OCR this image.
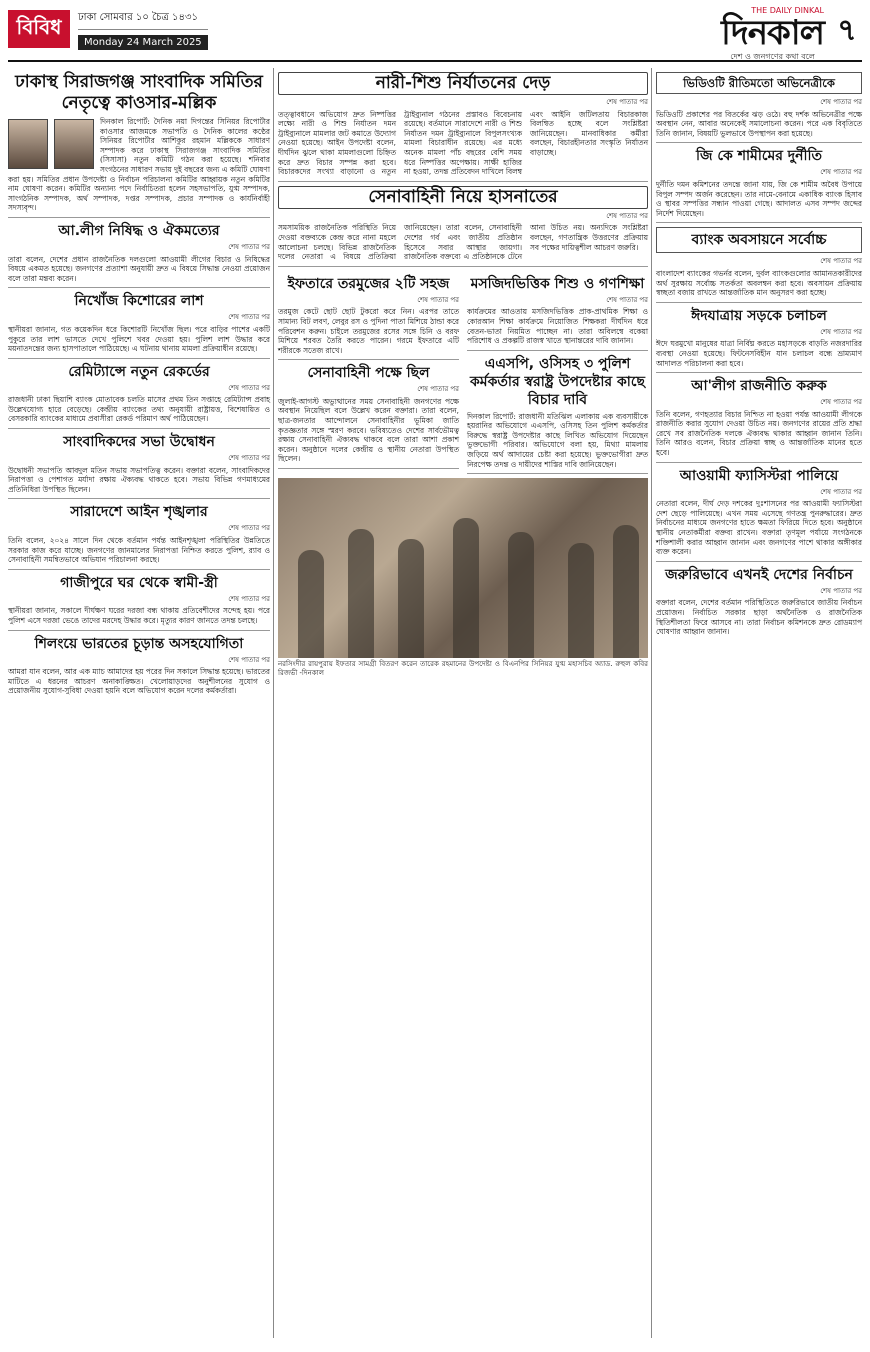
বিবিধ	ঢাকা সোমবার ১০ চৈত্র ১৪৩১
Monday 24 March 2025
THE DAILY DINKAL
দিনকাল
দেশ ও জনগণের কথা বলে
৭
ঢাকাস্থ সিরাজগঞ্জ সাংবাদিক সমিতির নেতৃত্বে কাওসার-মল্লিক
দিনকাল রিপোর্ট: দৈনিক নয়া দিগন্তের সিনিয়র রিপোর্টার কাওসার আজমকে সভাপতি ও দৈনিক কালের কণ্ঠের সিনিয়র রিপোর্টার আশিকুর রহমান মল্লিককে সাধারণ সম্পাদক করে ঢাকাস্থ সিরাজগঞ্জ সাংবাদিক সমিতির (সিসাসা) নতুন কমিটি গঠন করা হয়েছে। শনিবার সংগঠনের সাধারণ সভায় দুই বছরের জন্য এ কমিটি ঘোষণা করা হয়। সমিতির প্রধান উপদেষ্টা ও নির্বাচন পরিচালনা কমিটির আহ্বায়ক নতুন কমিটির নাম ঘোষণা করেন। কমিটির অন্যান্য পদে নির্বাচিতরা হলেন সহসভাপতি, যুগ্ম সম্পাদক, সাংগঠনিক সম্পাদক, অর্থ সম্পাদক, দপ্তর সম্পাদক, প্রচার সম্পাদক ও কার্যনির্বাহী সদস্যবৃন্দ।
আ.লীগ নিষিদ্ধ ও ঐকমত্যের
শেষ পাতার পর
তারা বলেন, দেশের প্রধান রাজনৈতিক দলগুলো আওয়ামী লীগের বিচার ও নিষিদ্ধের বিষয়ে একমত হয়েছে। জনগণের প্রত্যাশা অনুযায়ী দ্রুত এ বিষয়ে সিদ্ধান্ত নেওয়া প্রয়োজন বলে তারা মন্তব্য করেন।
নিখোঁজ কিশোরের লাশ
শেষ পাতার পর
স্থানীয়রা জানান, গত কয়েকদিন ধরে কিশোরটি নিখোঁজ ছিল। পরে বাড়ির পাশের একটি পুকুরে তার লাশ ভাসতে দেখে পুলিশে খবর দেওয়া হয়। পুলিশ লাশ উদ্ধার করে ময়নাতদন্তের জন্য হাসপাতালে পাঠিয়েছে। এ ঘটনায় থানায় মামলা প্রক্রিয়াধীন রয়েছে।
রেমিট্যান্সে নতুন রেকর্ডের
শেষ পাতার পর
রাজধানী ঢাকা ছিয়াশি ব্যাংক মোতাবেক চলতি মাসের প্রথম তিন সপ্তাহে রেমিট্যান্স প্রবাহ উল্লেখযোগ্য হারে বেড়েছে। কেন্দ্রীয় ব্যাংকের তথ্য অনুযায়ী রাষ্ট্রায়ত্ত, বিশেষায়িত ও বেসরকারি ব্যাংকের মাধ্যমে প্রবাসীরা রেকর্ড পরিমাণ অর্থ পাঠিয়েছেন।
সাংবাদিকদের সভা উদ্বোধন
শেষ পাতার পর
উদ্বোধনী সভাপতি আবদুল মতিন সভায় সভাপতিত্ব করেন। বক্তারা বলেন, সাংবাদিকদের নিরাপত্তা ও পেশাগত মর্যাদা রক্ষায় ঐক্যবদ্ধ থাকতে হবে। সভায় বিভিন্ন গণমাধ্যমের প্রতিনিধিরা উপস্থিত ছিলেন।
সারাদেশে আইন শৃঙ্খলার
শেষ পাতার পর
তিনি বলেন, ২০২৪ সালে দিন থেকে বর্তমান পর্যন্ত আইনশৃঙ্খলা পরিস্থিতির উন্নতিতে সরকার কাজ করে যাচ্ছে। জনগণের জানমালের নিরাপত্তা নিশ্চিত করতে পুলিশ, র‍্যাব ও সেনাবাহিনী সমন্বিতভাবে অভিযান পরিচালনা করছে।
গাজীপুরে ঘর থেকে স্বামী-স্ত্রী
শেষ পাতার পর
স্থানীয়রা জানান, সকালে দীর্ঘক্ষণ ঘরের দরজা বন্ধ থাকায় প্রতিবেশীদের সন্দেহ হয়। পরে পুলিশ এসে দরজা ভেঙে তাদের মরদেহ উদ্ধার করে। মৃত্যুর কারণ জানতে তদন্ত চলছে।
শিলংয়ে ভারতের চূড়ান্ত অসহযোগিতা
শেষ পাতার পর
আমরা যান বলেন, আর এক ম্যাচ আমাদের হয় পরের দিন সকালে সিদ্ধান্ত হয়েছে। ভারতের মাটিতে এ ধরনের আচরণ অনাকাঙ্ক্ষিত। খেলোয়াড়দের অনুশীলনের সুযোগ ও প্রয়োজনীয় সুযোগ-সুবিধা দেওয়া হয়নি বলে অভিযোগ করেন দলের কর্মকর্তারা।
নারী-শিশু নির্যাতনের দেড়
শেষ পাতার পর
তত্ত্বাবধানে অভিযোগ দ্রুত নিষ্পত্তির লক্ষ্যে নারী ও শিশু নির্যাতন দমন ট্রাইব্যুনালে মামলার জট কমাতে উদ্যোগ নেওয়া হয়েছে। আইন উপদেষ্টা বলেন, দীর্ঘদিন ঝুলে থাকা মামলাগুলো চিহ্নিত করে দ্রুত বিচার সম্পন্ন করা হবে। বিচারকদের সংখ্যা বাড়ানো ও নতুন ট্রাইব্যুনাল গঠনের প্রস্তাবও বিবেচনায় রয়েছে। বর্তমানে সারাদেশে নারী ও শিশু নির্যাতন দমন ট্রাইব্যুনালে বিপুলসংখ্যক মামলা বিচারাধীন রয়েছে। এর মধ্যে অনেক মামলা পাঁচ বছরের বেশি সময় ধরে নিষ্পত্তির অপেক্ষায়। সাক্ষী হাজির না হওয়া, তদন্ত প্রতিবেদন দাখিলে বিলম্ব এবং আইনি জটিলতায় বিচারকাজ বিলম্বিত হচ্ছে বলে সংশ্লিষ্টরা জানিয়েছেন। মানবাধিকার কর্মীরা বলছেন, বিচারহীনতার সংস্কৃতি নির্যাতন বাড়াচ্ছে।
সেনাবাহিনী নিয়ে হাসনাতের
শেষ পাতার পর
সমসাময়িক রাজনৈতিক পরিস্থিতি নিয়ে দেওয়া বক্তব্যকে কেন্দ্র করে নানা মহলে আলোচনা চলছে। বিভিন্ন রাজনৈতিক দলের নেতারা এ বিষয়ে প্রতিক্রিয়া জানিয়েছেন। তারা বলেন, সেনাবাহিনী দেশের গর্ব এবং জাতীয় প্রতিষ্ঠান হিসেবে সবার আস্থার জায়গা। রাজনৈতিক বক্তব্যে এ প্রতিষ্ঠানকে টেনে আনা উচিত নয়। অন্যদিকে সংশ্লিষ্টরা বলছেন, গণতান্ত্রিক উত্তরণের প্রক্রিয়ায় সব পক্ষের দায়িত্বশীল আচরণ জরুরি।
ইফতারে তরমুজের ২টি সহজ
শেষ পাতার পর
তরমুজ কেটে ছোট ছোট টুকরো করে নিন। এরপর তাতে সামান্য বিট লবণ, লেবুর রস ও পুদিনা পাতা মিশিয়ে ঠান্ডা করে পরিবেশন করুন। চাইলে তরমুজের রসের সঙ্গে চিনি ও বরফ মিশিয়ে শরবত তৈরি করতে পারেন। গরমে ইফতারে এটি শরীরকে সতেজ রাখে।
সেনাবাহিনী পক্ষে ছিল
শেষ পাতার পর
জুলাই-আগস্ট অভ্যুত্থানের সময় সেনাবাহিনী জনগণের পক্ষে অবস্থান নিয়েছিল বলে উল্লেখ করেন বক্তারা। তারা বলেন, ছাত্র-জনতার আন্দোলনে সেনাবাহিনীর ভূমিকা জাতি কৃতজ্ঞতার সঙ্গে স্মরণ করবে। ভবিষ্যতেও দেশের সার্বভৌমত্ব রক্ষায় সেনাবাহিনী ঐক্যবদ্ধ থাকবে বলে তারা আশা প্রকাশ করেন। অনুষ্ঠানে দলের কেন্দ্রীয় ও স্থানীয় নেতারা উপস্থিত ছিলেন।
মসজিদভিত্তিক শিশু ও গণশিক্ষা
শেষ পাতার পর
কার্যক্রমের আওতায় মসজিদভিত্তিক প্রাক-প্রাথমিক শিক্ষা ও কোরআন শিক্ষা কার্যক্রমে নিয়োজিত শিক্ষকরা দীর্ঘদিন ধরে বেতন-ভাতা নিয়মিত পাচ্ছেন না। তারা অবিলম্বে বকেয়া পরিশোধ ও প্রকল্পটি রাজস্ব খাতে স্থানান্তরের দাবি জানান।
এএসপি, ওসিসহ ৩ পুলিশ কর্মকর্তার স্বরাষ্ট্র উপদেষ্টার কাছে বিচার দাবি
দিনকাল রিপোর্ট: রাজধানী মতিঝিল এলাকায় এক ব্যবসায়ীকে হয়রানির অভিযোগে এএসপি, ওসিসহ তিন পুলিশ কর্মকর্তার বিরুদ্ধে স্বরাষ্ট্র উপদেষ্টার কাছে লিখিত অভিযোগ দিয়েছেন ভুক্তভোগী পরিবার। অভিযোগে বলা হয়, মিথ্যা মামলায় জড়িয়ে অর্থ আদায়ের চেষ্টা করা হয়েছে। ভুক্তভোগীরা দ্রুত নিরপেক্ষ তদন্ত ও দায়ীদের শাস্তির দাবি জানিয়েছেন।
নরসিংদীর রায়পুরায় ইফতার সামগ্রী বিতরণ করেন তারেক রহমানের উপদেষ্টা ও বিএনপির সিনিয়র যুগ্ম মহাসচিব অ্যাড. রুহুল কবির রিজভী -দিনকাল
ভিডিওটি রীতিমতো অভিনেত্রীকে
শেষ পাতার পর
ভিডিওটি প্রকাশের পর বিতর্কের ঝড় ওঠে। বহু দর্শক অভিনেত্রীর পক্ষে অবস্থান নেন, আবার অনেকেই সমালোচনা করেন। পরে এক বিবৃতিতে তিনি জানান, বিষয়টি ভুলভাবে উপস্থাপন করা হয়েছে।
জি কে শামীমের দুর্নীতি
শেষ পাতার পর
দুর্নীতি দমন কমিশনের তদন্তে জানা যায়, জি কে শামীম অবৈধ উপায়ে বিপুল সম্পদ অর্জন করেছেন। তার নামে-বেনামে একাধিক ব্যাংক হিসাব ও স্থাবর সম্পত্তির সন্ধান পাওয়া গেছে। আদালত এসব সম্পদ জব্দের নির্দেশ দিয়েছেন।
ব্যাংক অবসায়নে সর্বোচ্চ
শেষ পাতার পর
বাংলাদেশ ব্যাংকের গভর্নর বলেন, দুর্বল ব্যাংকগুলোর আমানতকারীদের অর্থ সুরক্ষায় সর্বোচ্চ সতর্কতা অবলম্বন করা হবে। অবসায়ন প্রক্রিয়ায় স্বচ্ছতা বজায় রাখতে আন্তর্জাতিক মান অনুসরণ করা হচ্ছে।
ঈদযাত্রায় সড়কে চলাচল
শেষ পাতার পর
ঈদে ঘরমুখো মানুষের যাত্রা নির্বিঘ্ন করতে মহাসড়কে বাড়তি নজরদারির ব্যবস্থা নেওয়া হয়েছে। ফিটনেসবিহীন যান চলাচল বন্ধে ভ্রাম্যমাণ আদালত পরিচালনা করা হবে।
আ'লীগ রাজনীতি করুক
শেষ পাতার পর
তিনি বলেন, গণহত্যার বিচার নিশ্চিত না হওয়া পর্যন্ত আওয়ামী লীগকে রাজনীতি করার সুযোগ দেওয়া উচিত নয়। জনগণের রায়ের প্রতি শ্রদ্ধা রেখে সব রাজনৈতিক দলকে ঐক্যবদ্ধ থাকার আহ্বান জানান তিনি। তিনি আরও বলেন, বিচার প্রক্রিয়া স্বচ্ছ ও আন্তর্জাতিক মানের হতে হবে।
আওয়ামী ফ্যাসিস্টরা পালিয়ে
শেষ পাতার পর
নেতারা বলেন, দীর্ঘ দেড় দশকের দুঃশাসনের পর আওয়ামী ফ্যাসিস্টরা দেশ ছেড়ে পালিয়েছে। এখন সময় এসেছে গণতন্ত্র পুনরুদ্ধারের। দ্রুত নির্বাচনের মাধ্যমে জনগণের হাতে ক্ষমতা ফিরিয়ে দিতে হবে। অনুষ্ঠানে স্থানীয় নেতাকর্মীরা বক্তব্য রাখেন। বক্তারা তৃণমূল পর্যায়ে সংগঠনকে শক্তিশালী করার আহ্বান জানান এবং জনগণের পাশে থাকার অঙ্গীকার ব্যক্ত করেন।
জরুরিভাবে এখনই দেশের নির্বাচন
শেষ পাতার পর
বক্তারা বলেন, দেশের বর্তমান পরিস্থিতিতে জরুরিভাবে জাতীয় নির্বাচন প্রয়োজন। নির্বাচিত সরকার ছাড়া অর্থনৈতিক ও রাজনৈতিক স্থিতিশীলতা ফিরে আসবে না। তারা নির্বাচন কমিশনকে দ্রুত রোডম্যাপ ঘোষণার আহ্বান জানান।
